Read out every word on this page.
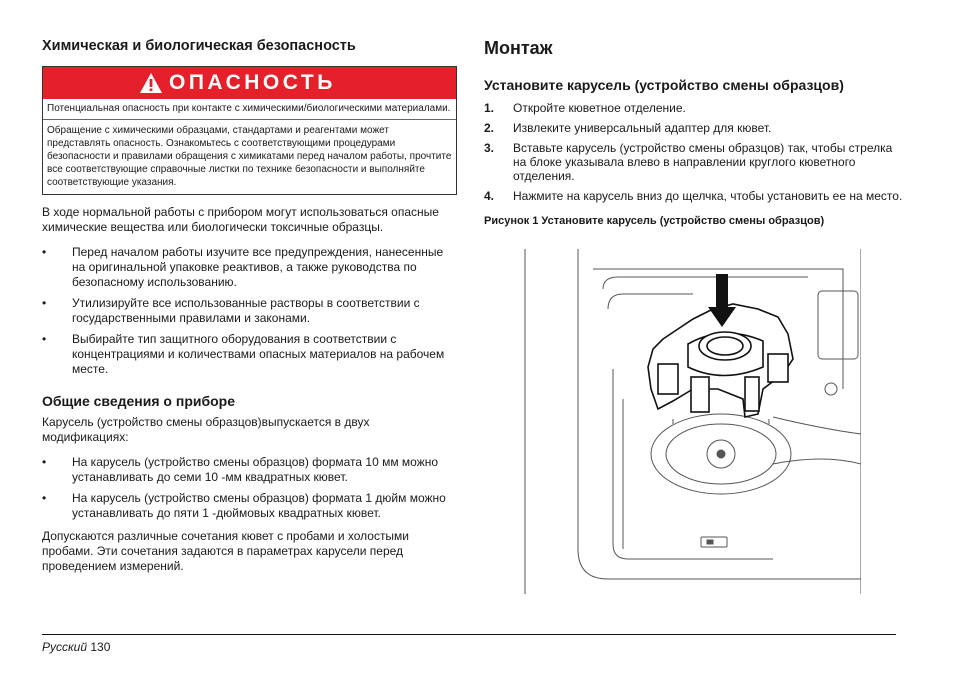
Химическая и биологическая безопасность
ОПАСНОСТЬ

Потенциальная опасность при контакте с химическими/биологическими материалами.

Обращение с химическими образцами, стандартами и реагентами может представлять опасность. Ознакомьтесь с соответствующими процедурами безопасности и правилами обращения с химикатами перед началом работы, прочтите все соответствующие справочные листки по технике безопасности и выполняйте соответствующие указания.

В ходе нормальной работы с прибором могут использоваться опасные химические вещества или биологически токсичные образцы.

• Перед началом работы изучите все предупреждения, нанесенные на оригинальной упаковке реактивов, а также руководства по безопасному использованию.
• Утилизируйте все использованные растворы в соответствии с государственными правилами и законами.
• Выбирайте тип защитного оборудования в соответствии с концентрациями и количествами опасных материалов на рабочем месте.
Общие сведения о приборе

Карусель (устройство смены образцов)выпускается в двух модификациях:

• На карусель (устройство смены образцов) формата 10 мм можно устанавливать до семи 10 -мм квадратных кювет.
• На карусель (устройство смены образцов) формата 1 дюйм можно устанавливать до пяти 1 -дюймовых квадратных кювет.

Допускаются различные сочетания кювет с пробами и холостыми пробами. Эти сочетания задаются в параметрах карусели перед проведением измерений.

Монтаж
Установите карусель (устройство смены образцов)
1. Откройте кюветное отделение.
2. Извлеките универсальный адаптер для кювет.
3. Вставьте карусель (устройство смены образцов) так, чтобы стрелка на блоке указывала влево в направлении круглого кюветного отделения.
4. Нажмите на карусель вниз до щелчка, чтобы установить ее на место.

Рисунок 1 Установите карусель (устройство смены образцов)

Русский 130
